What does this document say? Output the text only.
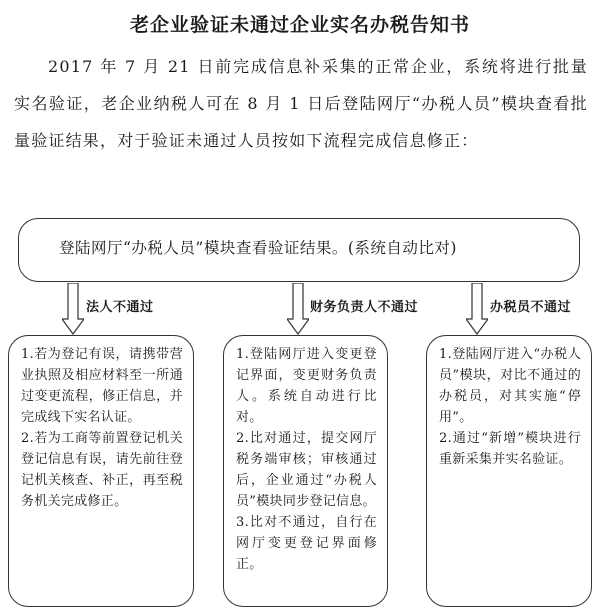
老企业验证未通过企业实名办税告知书
2017 年 7 月 21 日前完成信息补采集的正常企业，系统将进行批量实名验证，老企业纳税人可在 8 月 1 日后登陆网厅“办税人员”模块查看批量验证结果，对于验证未通过人员按如下流程完成信息修正：
登陆网厅“办税人员”模块查看验证结果。(系统自动比对)
法人不通过	财务负责人不通过	办税员不通过

1.若为登记有误，请携带营业执照及相应材料至一所通过变更流程，修正信息，并完成线下实名认证。

2.若为工商等前置登记机关登记信息有误，请先前往登记机关核查、补正，再至税务机关完成修正。

1.登陆网厅进入变更登记界面，变更财务负责人。系统自动进行比对。

2.比对通过，提交网厅税务端审核；审核通过后，企业通过“办税人员”模块同步登记信息。

3.比对不通过，自行在网厅变更登记界面修正。

1.登陆网厅进入“办税人员”模块，对比不通过的办税员，对其实施“停用”。

2.通过“新增”模块进行重新采集并实名验证。
